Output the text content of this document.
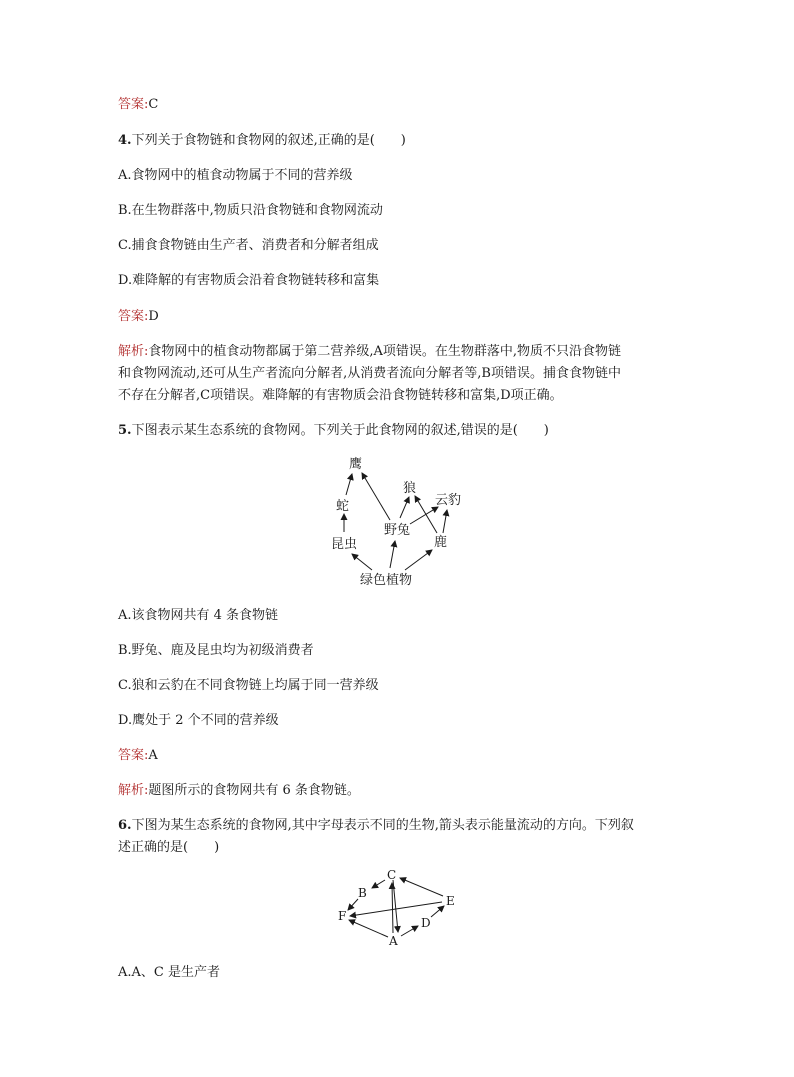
答案:C
4.下列关于食物链和食物网的叙述,正确的是(　　)
A.食物网中的植食动物属于不同的营养级
B.在生物群落中,物质只沿食物链和食物网流动
C.捕食食物链由生产者、消费者和分解者组成
D.难降解的有害物质会沿着食物链转移和富集
答案:D
解析:食物网中的植食动物都属于第二营养级,A项错误。在生物群落中,物质不只沿食物链
和食物网流动,还可从生产者流向分解者,从消费者流向分解者等,B项错误。捕食食物链中
不存在分解者,C项错误。难降解的有害物质会沿食物链转移和富集,D项正确。
5.下图表示某生态系统的食物网。下列关于此食物网的叙述,错误的是(　　)
鹰
狼
云豹
蛇
野兔
昆虫	鹿
绿色植物
A.该食物网共有 4 条食物链
B.野兔、鹿及昆虫均为初级消费者
C.狼和云豹在不同食物链上均属于同一营养级
D.鹰处于 2 个不同的营养级
答案:A
解析:题图所示的食物网共有 6 条食物链。
6.下图为某生态系统的食物网,其中字母表示不同的生物,箭头表示能量流动的方向。下列叙
述正确的是(　　)
C
B
E
F	D
A
A.A、C 是生产者
